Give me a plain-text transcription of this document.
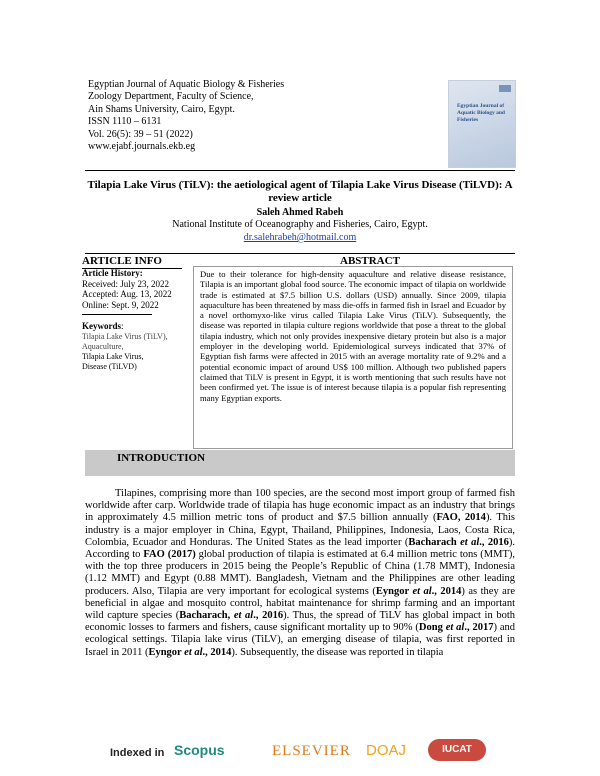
Egyptian Journal of Aquatic Biology & Fisheries
Zoology Department, Faculty of Science,
Ain Shams University, Cairo, Egypt.
ISSN 1110 – 6131
Vol. 26(5): 39 – 51 (2022)
www.ejabf.journals.ekb.eg
Egyptian Journal of Aquatic Biology and Fisheries
Tilapia Lake Virus (TiLV): the aetiological agent of Tilapia Lake Virus Disease (TiLVD): A review article
Saleh Ahmed Rabeh
National Institute of Oceanography and Fisheries, Cairo, Egypt.
dr.salehrabeh@hotmail.com
ARTICLE INFO	ABSTRACT
Article History:
Received: July 23, 2022
Accepted: Aug. 13, 2022
Online: Sept. 9, 2022
Keywords:
Tilapia Lake Virus (TiLV),
Aquaculture,
Tilapia Lake Virus,
Disease (TiLVD)
Due to their tolerance for high-density aquaculture and relative disease resistance, Tilapia is an important global food source. The economic impact of tilapia on worldwide trade is estimated at $7.5 billion U.S. dollars (USD) annually. Since 2009, tilapia aquaculture has been threatened by mass die-offs in farmed fish in Israel and Ecuador by a novel orthomyxo-like virus called Tilapia Lake Virus (TiLV). Subsequently, the disease was reported in tilapia culture regions worldwide that pose a threat to the global tilapia industry, which not only provides inexpensive dietary protein but also is a major employer in the developing world. Epidemiological surveys indicated that 37% of Egyptian fish farms were affected in 2015 with an average mortality rate of 9.2% and a potential economic impact of around US$ 100 million. Although two published papers claimed that TiLV is present in Egypt, it is worth mentioning that such results have not been confirmed yet. The issue is of interest because tilapia is a popular fish representing many Egyptian exports.
INTRODUCTION
Tilapines, comprising more than 100 species, are the second most import group of farmed fish worldwide after carp. Worldwide trade of tilapia has huge economic impact as an industry that brings in approximately 4.5 million metric tons of product and $7.5 billion annually (FAO, 2014). This industry is a major employer in China, Egypt, Thailand, Philippines, Indonesia, Laos, Costa Rica, Colombia, Ecuador and Honduras. The United States as the lead importer (Bacharach et al., 2016). According to FAO (2017) global production of tilapia is estimated at 6.4 million metric tons (MMT), with the top three producers in 2015 being the People’s Republic of China (1.78 MMT), Indonesia (1.12 MMT) and Egypt (0.88 MMT). Bangladesh, Vietnam and the Philippines are other leading producers. Also, Tilapia are very important for ecological systems (Eyngor et al., 2014) as they are beneficial in algae and mosquito control, habitat maintenance for shrimp farming and an important wild capture species (Bacharach, et al., 2016). Thus, the spread of TiLV has global impact in both economic losses to farmers and fishers, cause significant mortality up to 90% (Dong et al., 2017) and ecological settings. Tilapia lake virus (TiLV), an emerging disease of tilapia, was first reported in Israel in 2011 (Eyngor et al., 2014). Subsequently, the disease was reported in tilapia
Indexed in Scopus	ELSEVIER DOAJ	IUCAT
